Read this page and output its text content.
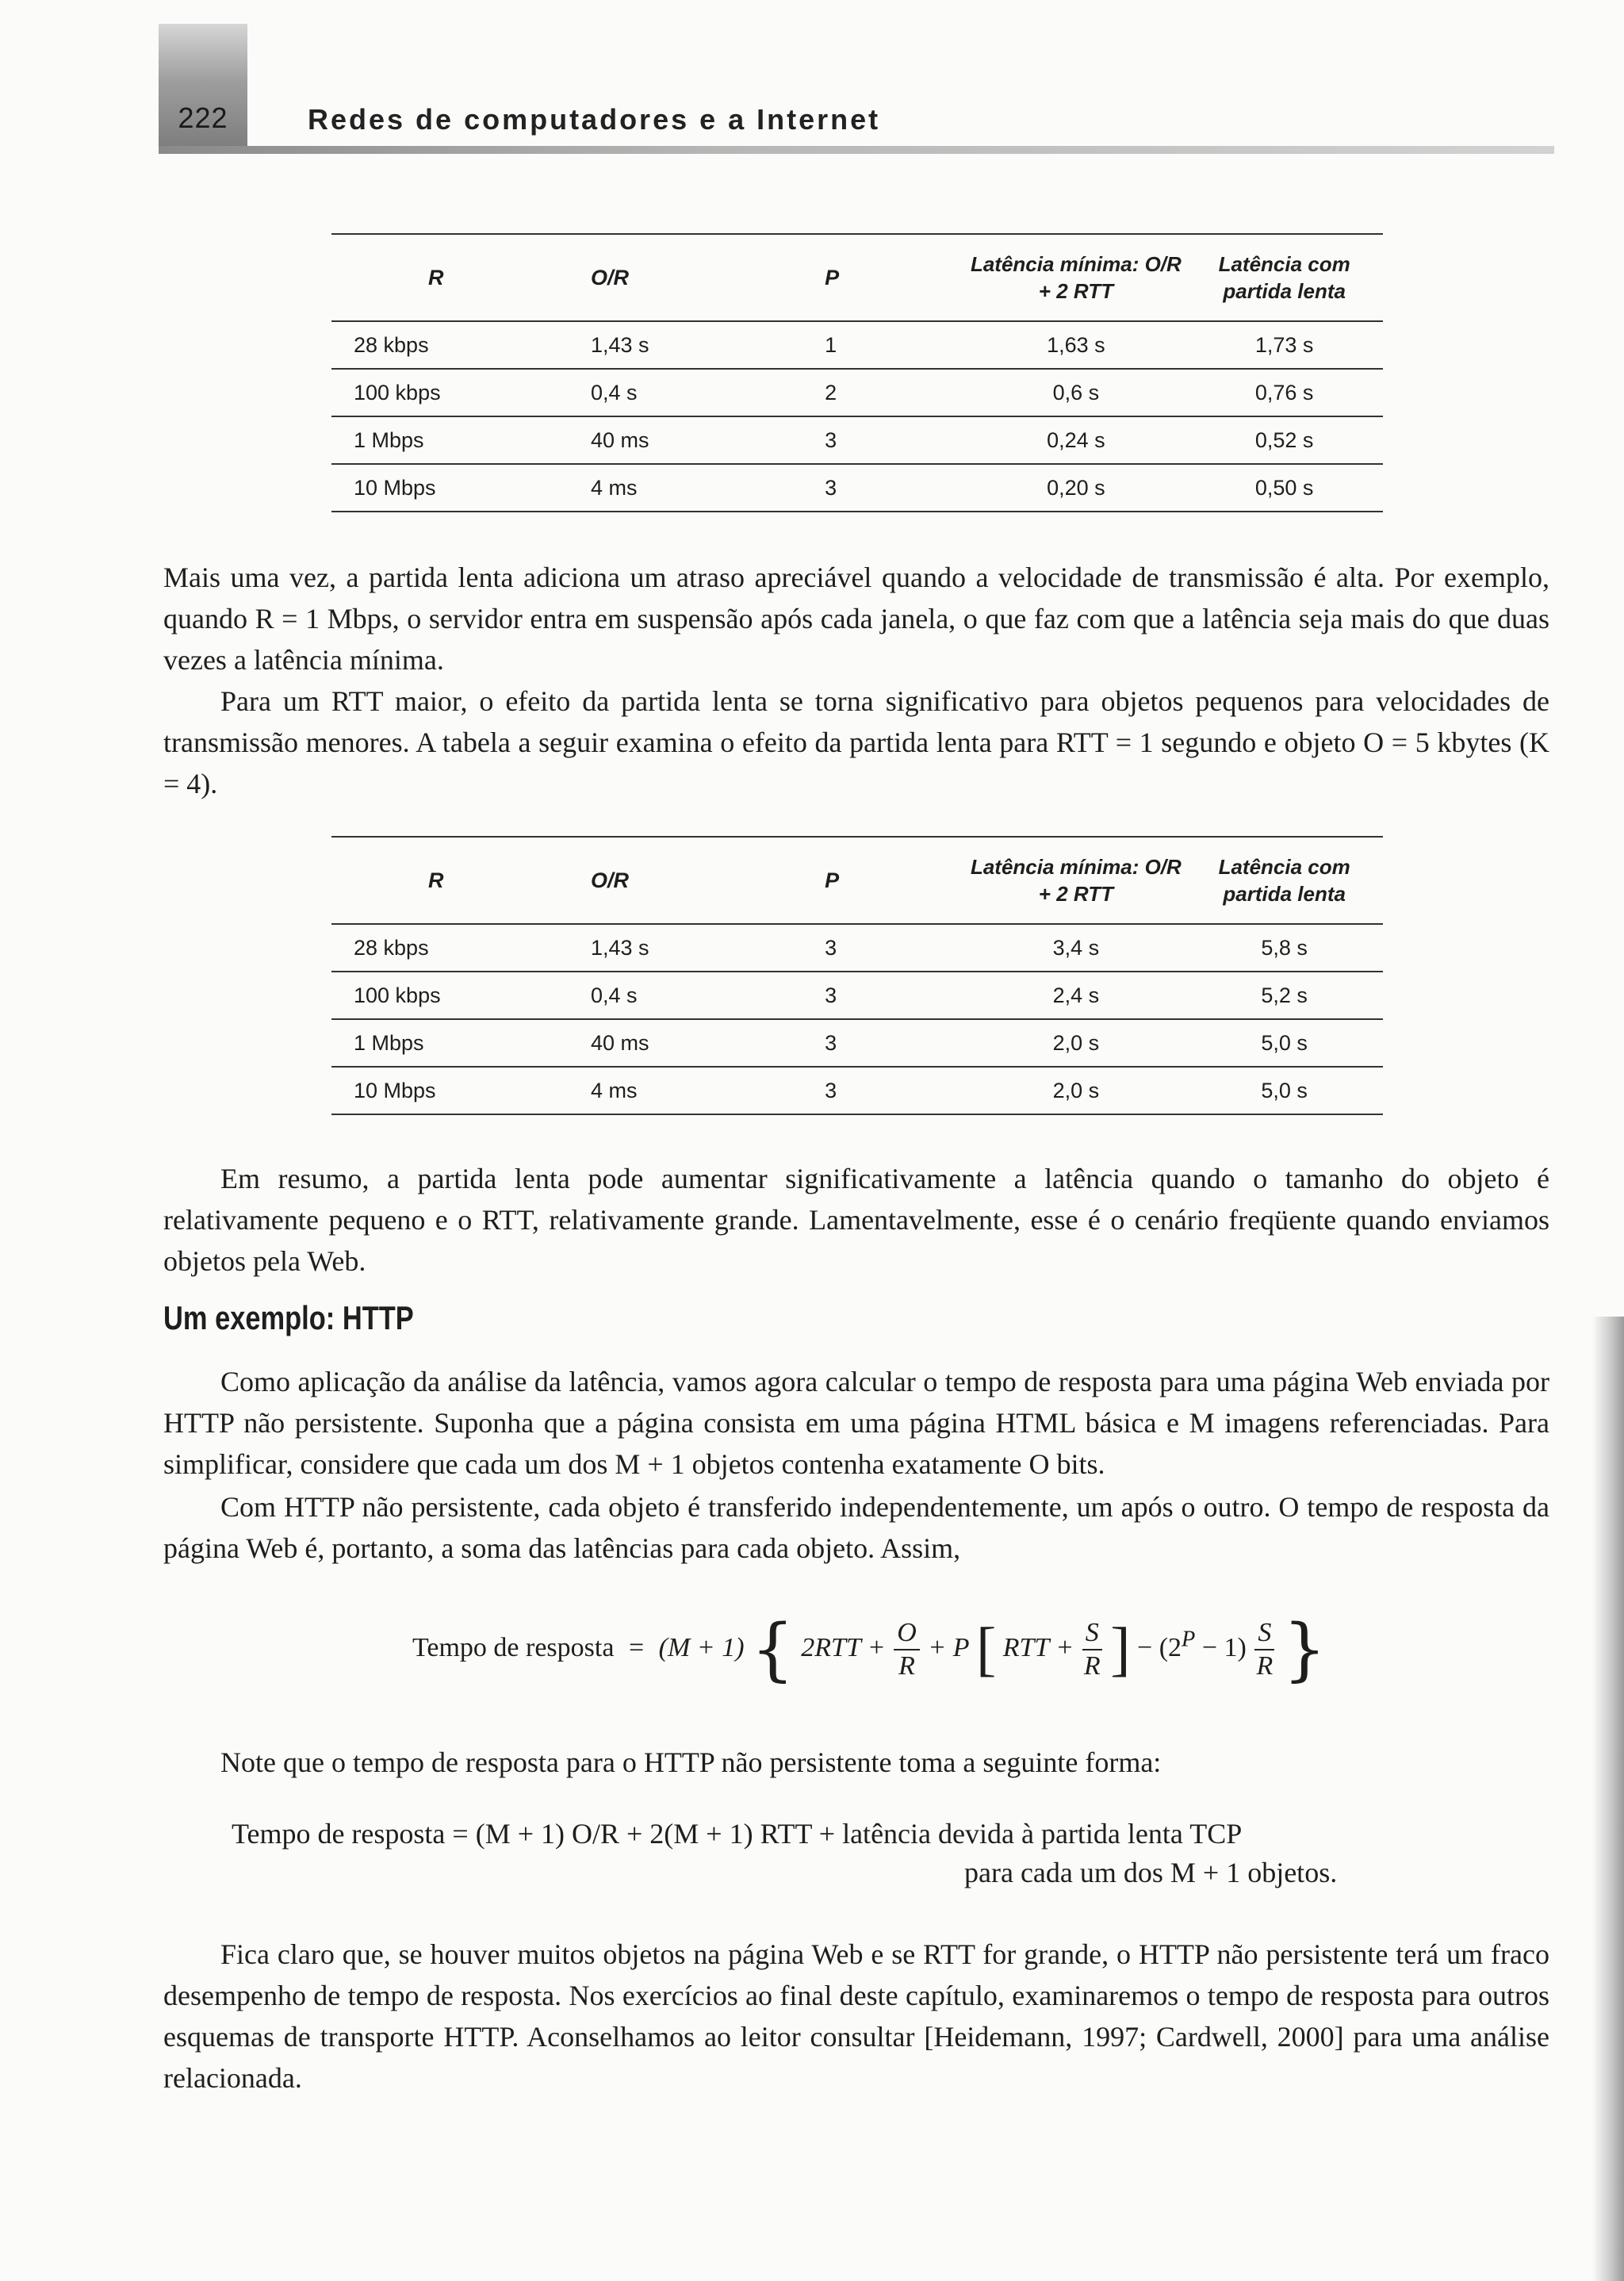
222	Redes de computadores e a Internet
R	O/R	P	Latência mínima: O/R + 2 RTT	Latência com partida lenta
28 kbps	1,43 s	1	1,63 s	1,73 s
100 kbps	0,4 s	2	0,6 s	0,76 s
1 Mbps	40 ms	3	0,24 s	0,52 s
10 Mbps	4 ms	3	0,20 s	0,50 s

Mais uma vez, a partida lenta adiciona um atraso apreciável quando a velocidade de transmissão é alta. Por exemplo, quando R = 1 Mbps, o servidor entra em suspensão após cada janela, o que faz com que a latência seja mais do que duas vezes a latência mínima.

Para um RTT maior, o efeito da partida lenta se torna significativo para objetos pequenos para velocidades de transmissão menores. A tabela a seguir examina o efeito da partida lenta para RTT = 1 segundo e objeto O = 5 kbytes (K = 4).

R	O/R	P	Latência mínima: O/R + 2 RTT	Latência com partida lenta
28 kbps	1,43 s	3	3,4 s	5,8 s
100 kbps	0,4 s	3	2,4 s	5,2 s
1 Mbps	40 ms	3	2,0 s	5,0 s
10 Mbps	4 ms	3	2,0 s	5,0 s

Em resumo, a partida lenta pode aumentar significativamente a latência quando o tamanho do objeto é relativamente pequeno e o RTT, relativamente grande. Lamentavelmente, esse é o cenário freqüente quando enviamos objetos pela Web.

Um exemplo: HTTP

Como aplicação da análise da latência, vamos agora calcular o tempo de resposta para uma página Web enviada por HTTP não persistente. Suponha que a página consista em uma página HTML básica e M imagens referenciadas. Para simplificar, considere que cada um dos M + 1 objetos contenha exatamente O bits.

Com HTTP não persistente, cada objeto é transferido independentemente, um após o outro. O tempo de resposta da página Web é, portanto, a soma das latências para cada objeto. Assim,

Tempo de resposta = (M + 1) { $2RTT + \frac{O}{R} + P$ [ RTT + $\frac{S}{R}$ ] − $(2^P - 1) \frac{S}{R}$ }

Note que o tempo de resposta para o HTTP não persistente toma a seguinte forma:

Tempo de resposta = (M + 1) O/R + 2(M + 1) RTT + latência devida à partida lenta TCP
para cada um dos M + 1 objetos.

Fica claro que, se houver muitos objetos na página Web e se RTT for grande, o HTTP não persistente terá um fraco desempenho de tempo de resposta. Nos exercícios ao final deste capítulo, examinaremos o tempo de resposta para outros esquemas de transporte HTTP. Aconselhamos ao leitor consultar [Heidemann, 1997; Cardwell, 2000] para uma análise relacionada.
